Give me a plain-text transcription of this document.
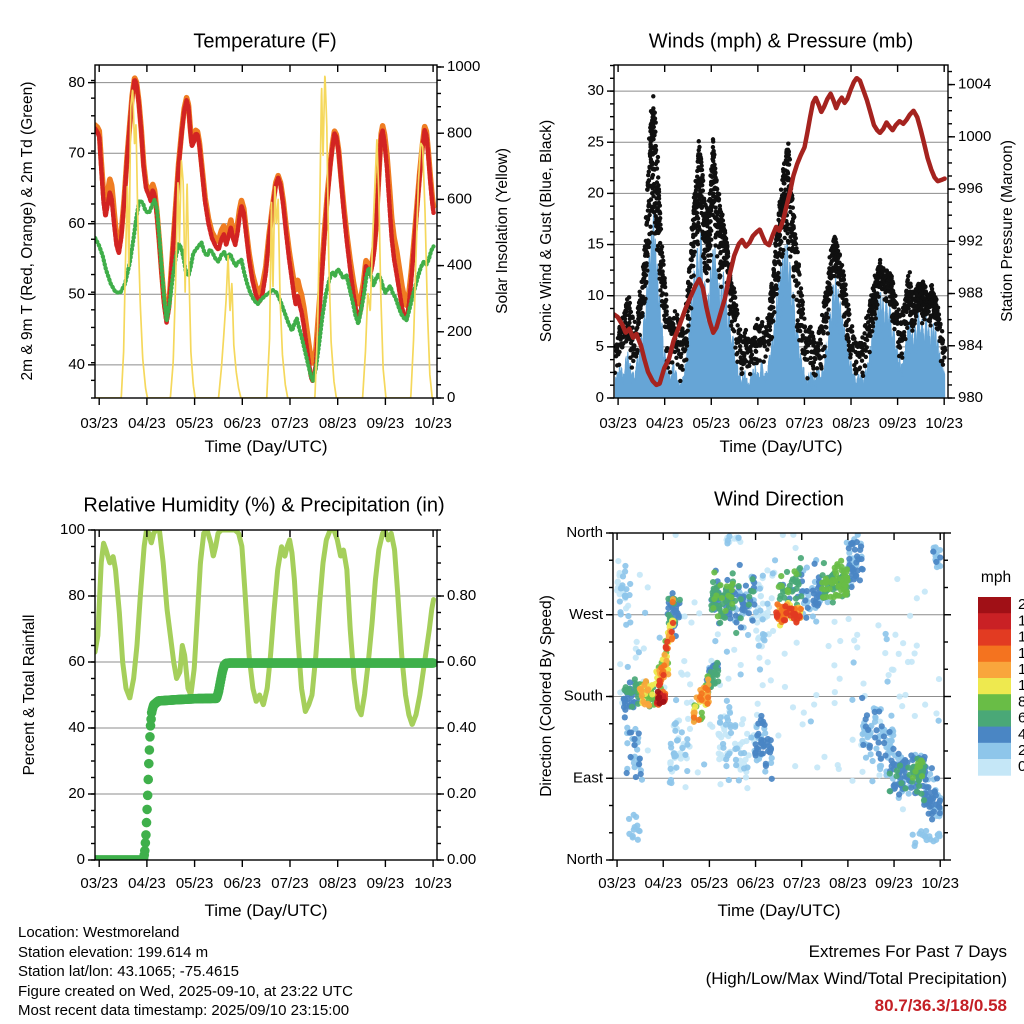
Temperature (F)	Winds (mph) & Pressure (mb)
Relative Humidity (%) & Precipitation (in)	Wind Direction
2m & 9m T (Red, Orange) & 2m Td (Green)	Solar Insolation (Yellow) Sonic Wind & Gust (Blue, Black)	Station Pressure (Maroon)
Percent & Total Rainfall	Direction (Colored By Speed)
Time (Day/UTC)	Time (Day/UTC)
Time (Day/UTC)	Time (Day/UTC)
mph
Location: Westmoreland
Station elevation: 199.614 m
Station lat/lon: 43.1065; -75.4615
Figure created on Wed, 2025-09-10, at 23:22 UTC
Most recent data timestamp: 2025/09/10 23:15:00
Extremes For Past 7 Days
(High/Low/Max Wind/Total Precipitation)
80.7/36.3/18/0.58
